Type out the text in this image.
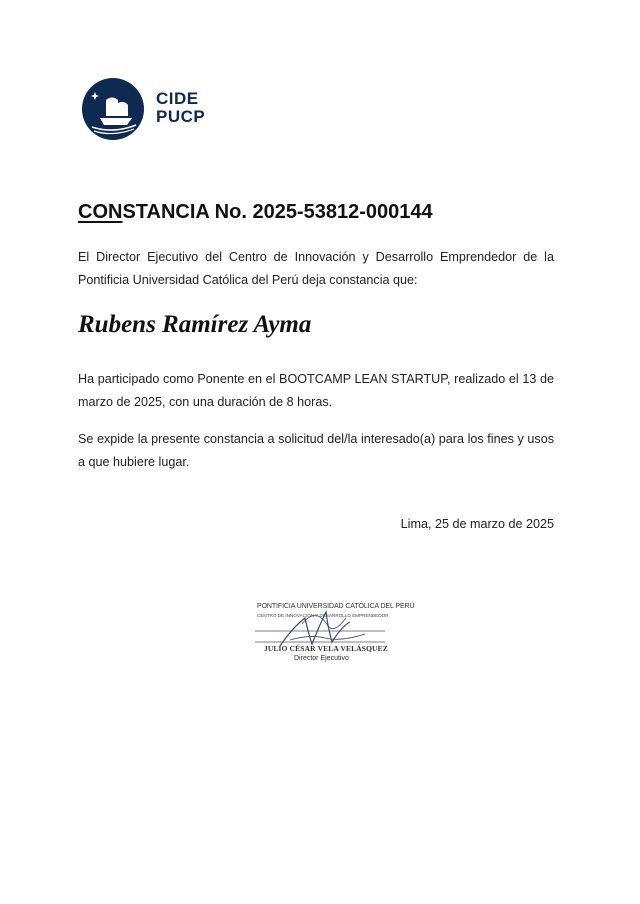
CIDE
PUCP
CONSTANCIA No. 2025-53812-000144
El Director Ejecutivo del Centro de Innovación y Desarrollo Emprendedor de la Pontificia Universidad Católica del Perú deja constancia que:
Rubens Ramírez Ayma
Ha participado como Ponente en el BOOTCAMP LEAN STARTUP, realizado el 13 de marzo de 2025, con una duración de 8 horas.
Se expide la presente constancia a solicitud del/la interesado(a) para los fines y usos a que hubiere lugar.
Lima, 25 de marzo de 2025
PONTIFICIA UNIVERSIDAD CATÓLICA DEL PERÚ
CENTRO DE INNOVACIÓN Y DESARROLLO EMPRENDEDOR
JULIO CÉSAR VELA VELÁSQUEZ
Director Ejecutivo
